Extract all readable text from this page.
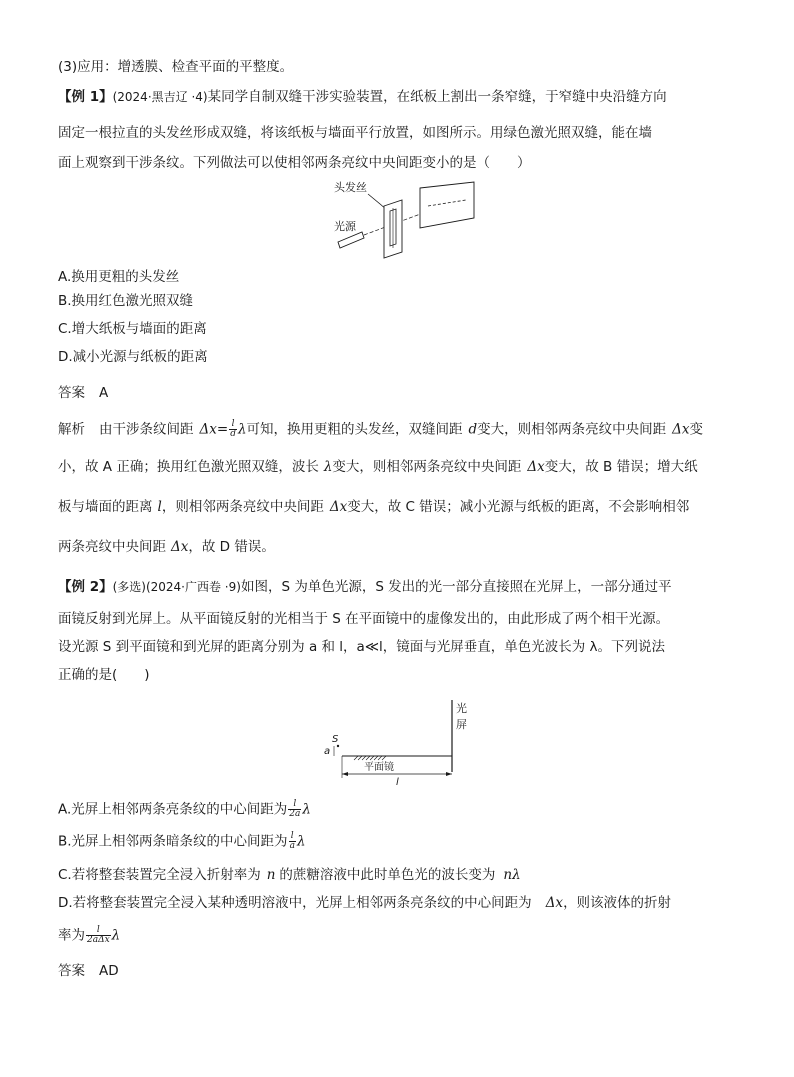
(3)应用：增透膜、检查平面的平整度。
【例 1】(2024·黑吉辽 ·4)某同学自制双缝干涉实验装置，在纸板上割出一条窄缝，于窄缝中央沿缝方向
固定一根拉直的头发丝形成双缝，将该纸板与墙面平行放置，如图所示。用绿色激光照双缝，能在墙
面上观察到干涉条纹。下列做法可以使相邻两条亮纹中央间距变小的是（　　）
头发丝
光源
A.换用更粗的头发丝
B.换用红色激光照双缝
C.增大纸板与墙面的距离
D.减小光源与纸板的距离
答案 A
解析 由干涉条纹间距 $\Delta x= \frac{l}{d}$ λ可知，换用更粗的头发丝，双缝间距 d变大，则相邻两条亮纹中央间距 Δx变
小，故 A 正确；换用红色激光照双缝，波长 λ变大，则相邻两条亮纹中央间距 Δx变大，故 B 错误；增大纸
板与墙面的距离 l，则相邻两条亮纹中央间距 Δx变大，故 C 错误；减小光源与纸板的距离，不会影响相邻
两条亮纹中央间距 Δx，故 D 错误。
【例 2】(多选)(2024·广西卷 ·9)如图，S 为单色光源，S 发出的光一部分直接照在光屏上，一部分通过平
面镜反射到光屏上。从平面镜反射的光相当于 S 在平面镜中的虚像发出的，由此形成了两个相干光源。
设光源 S 到平面镜和到光屏的距离分别为 a 和 l，a≪l，镜面与光屏垂直，单色光波长为 λ。下列说法
正确的是(　　)
光
屏
S
a
平面镜
l
A.光屏上相邻两条亮条纹的中心间距为 $\frac{l}{2a}$ λ
B.光屏上相邻两条暗条纹的中心间距为 $\frac{l}{a}$ λ
C.若将整套装置完全浸入折射率为 n 的蔗糖溶液中此时单色光的波长变为 nλ
D.若将整套装置完全浸入某种透明溶液中，光屏上相邻两条亮条纹的中心间距为 Δx，则该液体的折射
率为 $\frac{l}{\text{2aΔx}}$ λ
答案 AD
